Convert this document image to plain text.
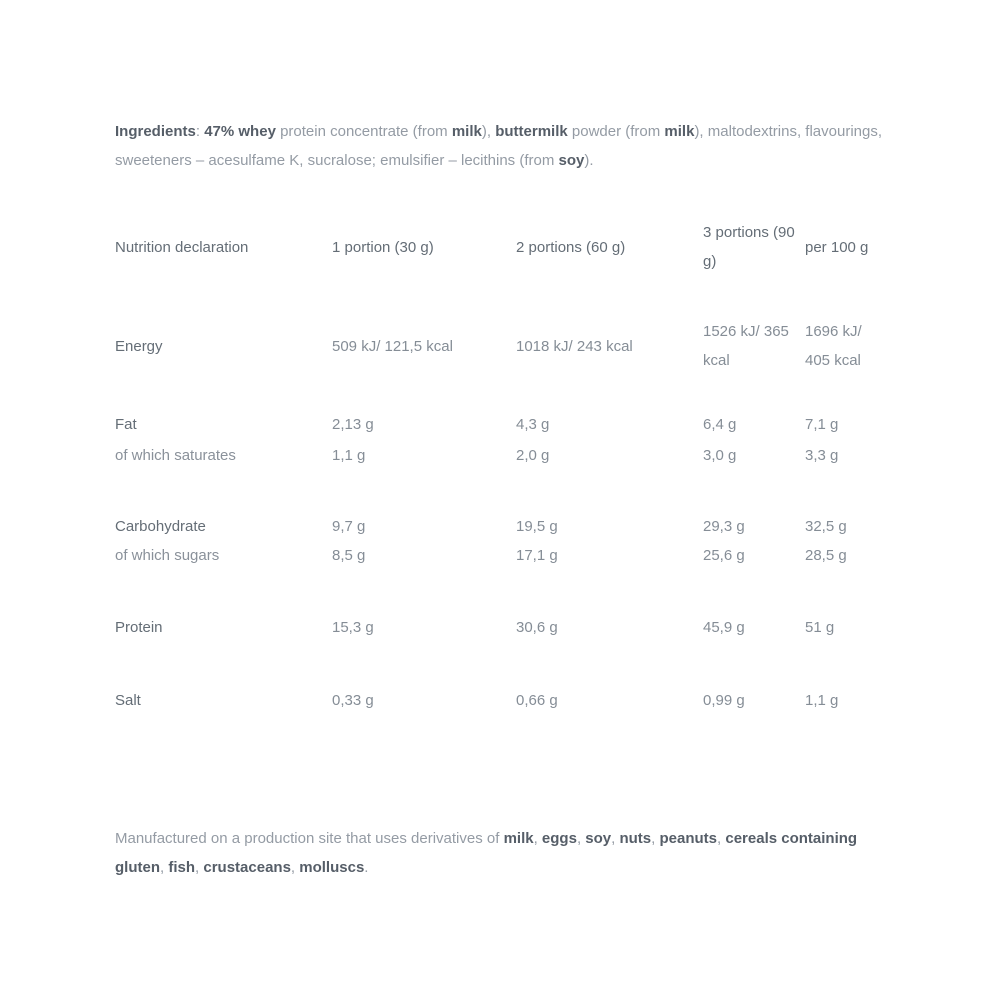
Ingredients: 47% whey protein concentrate (from milk), buttermilk powder (from milk), maltodextrins, flavourings, sweeteners – acesulfame K, sucralose; emulsifier – lecithins (from soy).

Nutrition declaration	1 portion (30 g)	2 portions (60 g)	3 portions (90 g)	per 100 g
Energy	509 kJ/ 121,5 kcal	1018 kJ/ 243 kcal	1526 kJ/ 365 kcal	1696 kJ/ 405 kcal
Fat	2,13 g	4,3 g	6,4 g	7,1 g
of which saturates	1,1 g	2,0 g	3,0 g	3,3 g

Carbohydrate	9,7 g	19,5 g	29,3 g	32,5 g
of which sugars	8,5 g	17,1 g	25,6 g	28,5 g

Protein	15,3 g	30,6 g	45,9 g	51 g

Salt	0,33 g	0,66 g	0,99 g	1,1 g

Manufactured on a production site that uses derivatives of milk, eggs, soy, nuts, peanuts, cereals containing gluten, fish, crustaceans, molluscs.
